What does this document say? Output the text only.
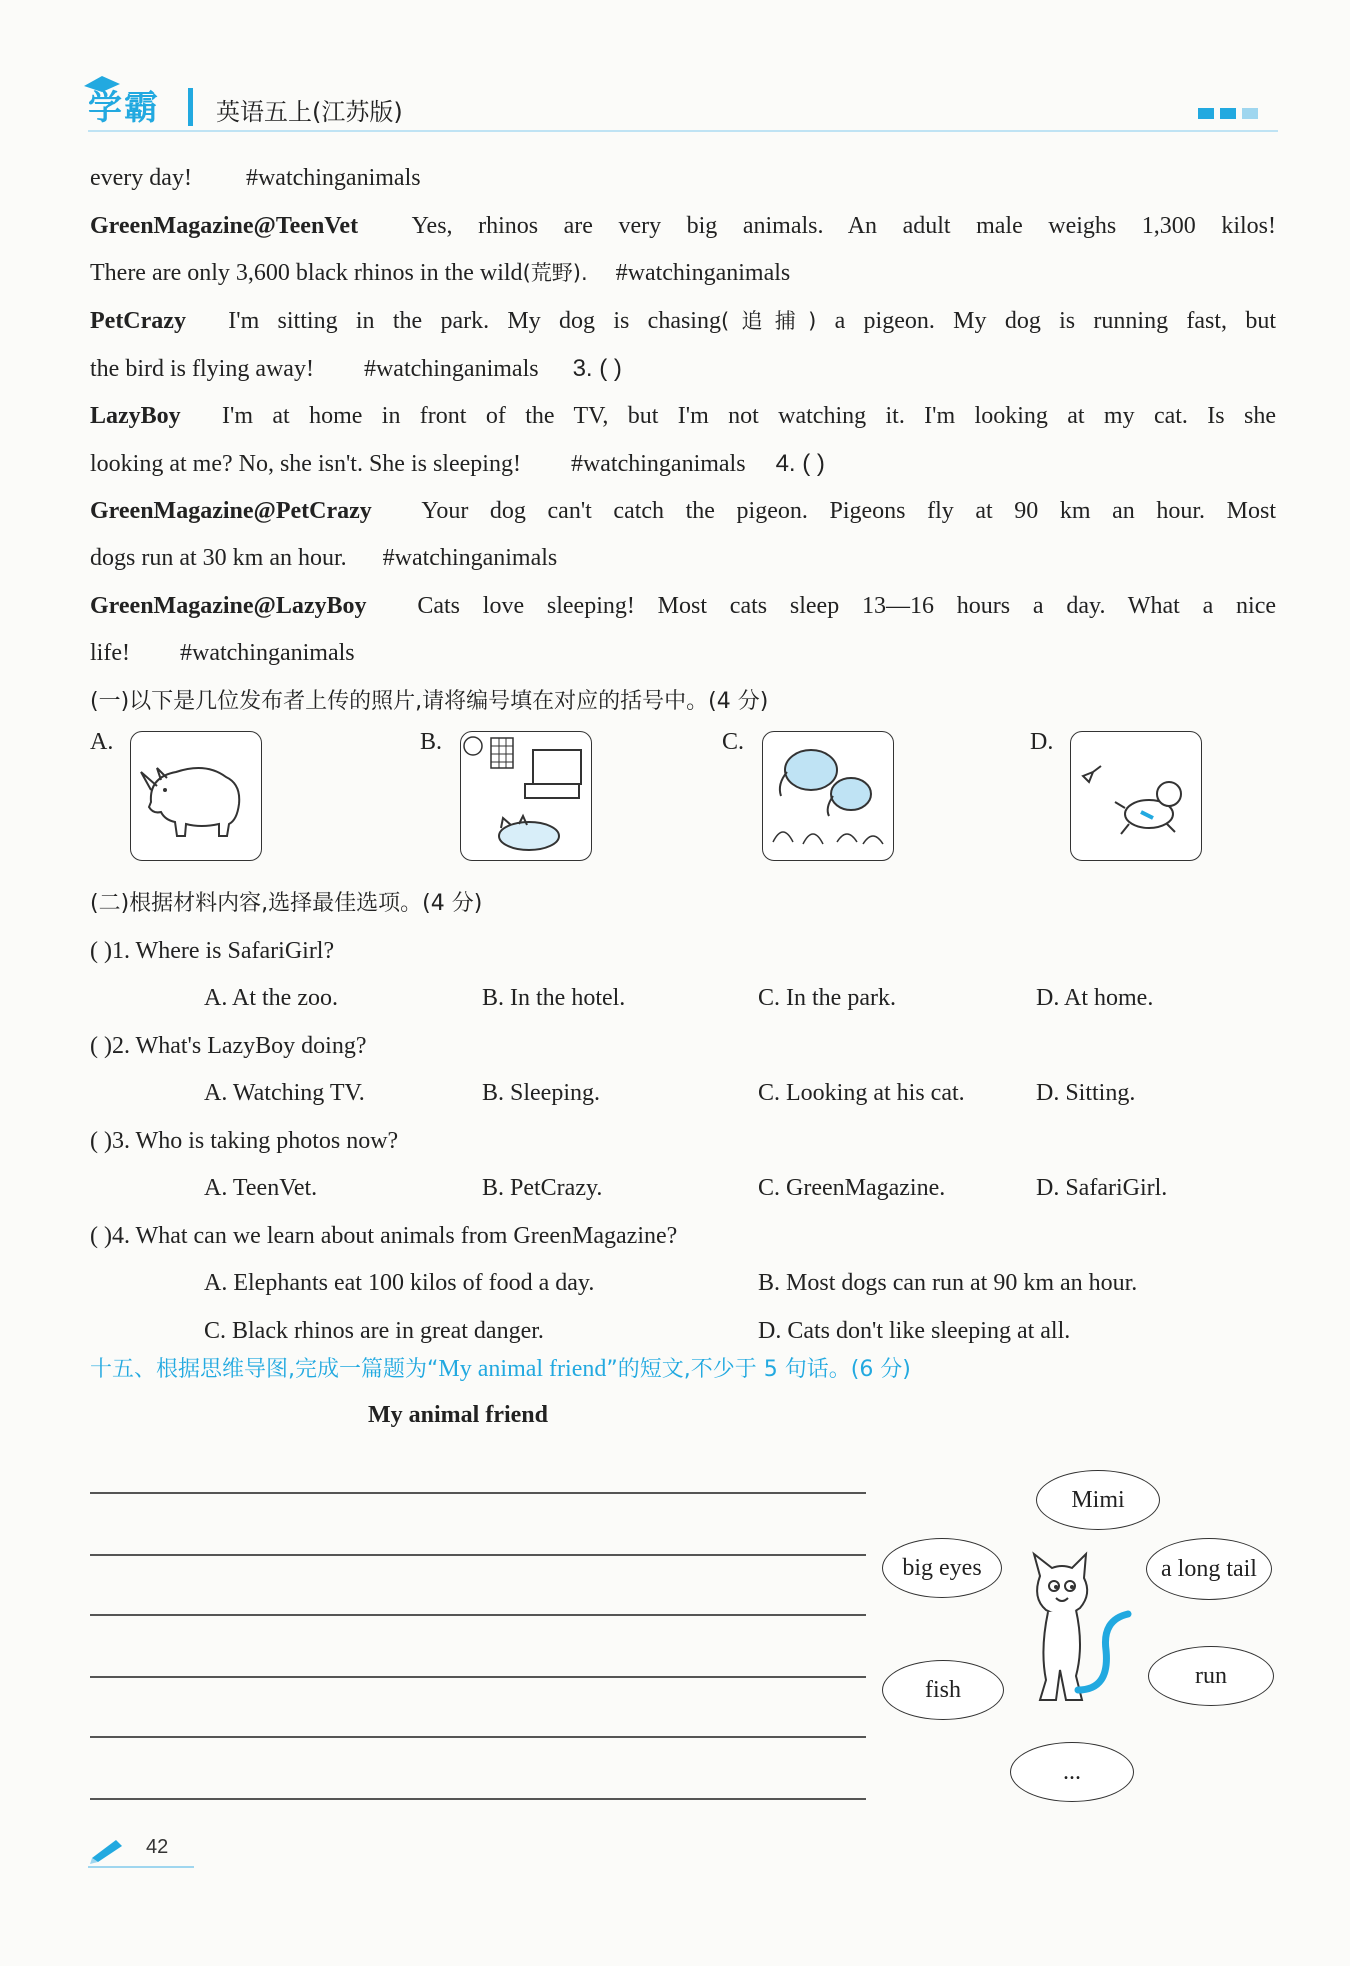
学霸 英语五上(江苏版)
every day! #watchinganimals
GreenMagazine@TeenVet Yes, rhinos are very big animals. An adult male weighs 1,300 kilos!
There are only 3,600 black rhinos in the wild(荒野). #watchinganimals
PetCrazy I'm sitting in the park. My dog is chasing(追捕) a pigeon. My dog is running fast, but
the bird is flying away! #watchinganimals 3. ( )
LazyBoy I'm at home in front of the TV, but I'm not watching it. I'm looking at my cat. Is she
looking at me? No, she isn't. She is sleeping! #watchinganimals 4. ( )
GreenMagazine@PetCrazy Your dog can't catch the pigeon. Pigeons fly at 90 km an hour. Most
dogs run at 30 km an hour. #watchinganimals
GreenMagazine@LazyBoy Cats love sleeping! Most cats sleep 13—16 hours a day. What a nice
life! #watchinganimals
(一)以下是几位发布者上传的照片,请将编号填在对应的括号中。(4 分)
A.	B.	C.	D.
(二)根据材料内容,选择最佳选项。(4 分)
( )1. Where is SafariGirl?
A. At the zoo.	B. In the hotel.	C. In the park.	D. At home.
( )2. What's LazyBoy doing?
A. Watching TV.	B. Sleeping.	C. Looking at his cat.	D. Sitting.
( )3. Who is taking photos now?
A. TeenVet.	B. PetCrazy.	C. GreenMagazine.	D. SafariGirl.
( )4. What can we learn about animals from GreenMagazine?
A. Elephants eat 100 kilos of food a day.	B. Most dogs can run at 90 km an hour.
C. Black rhinos are in great danger.	D. Cats don't like sleeping at all.
十五、根据思维导图,完成一篇题为“My animal friend”的短文,不少于 5 句话。(6 分)
My animal friend
Mimi
big eyes	a long tail
fish
run
...
42
